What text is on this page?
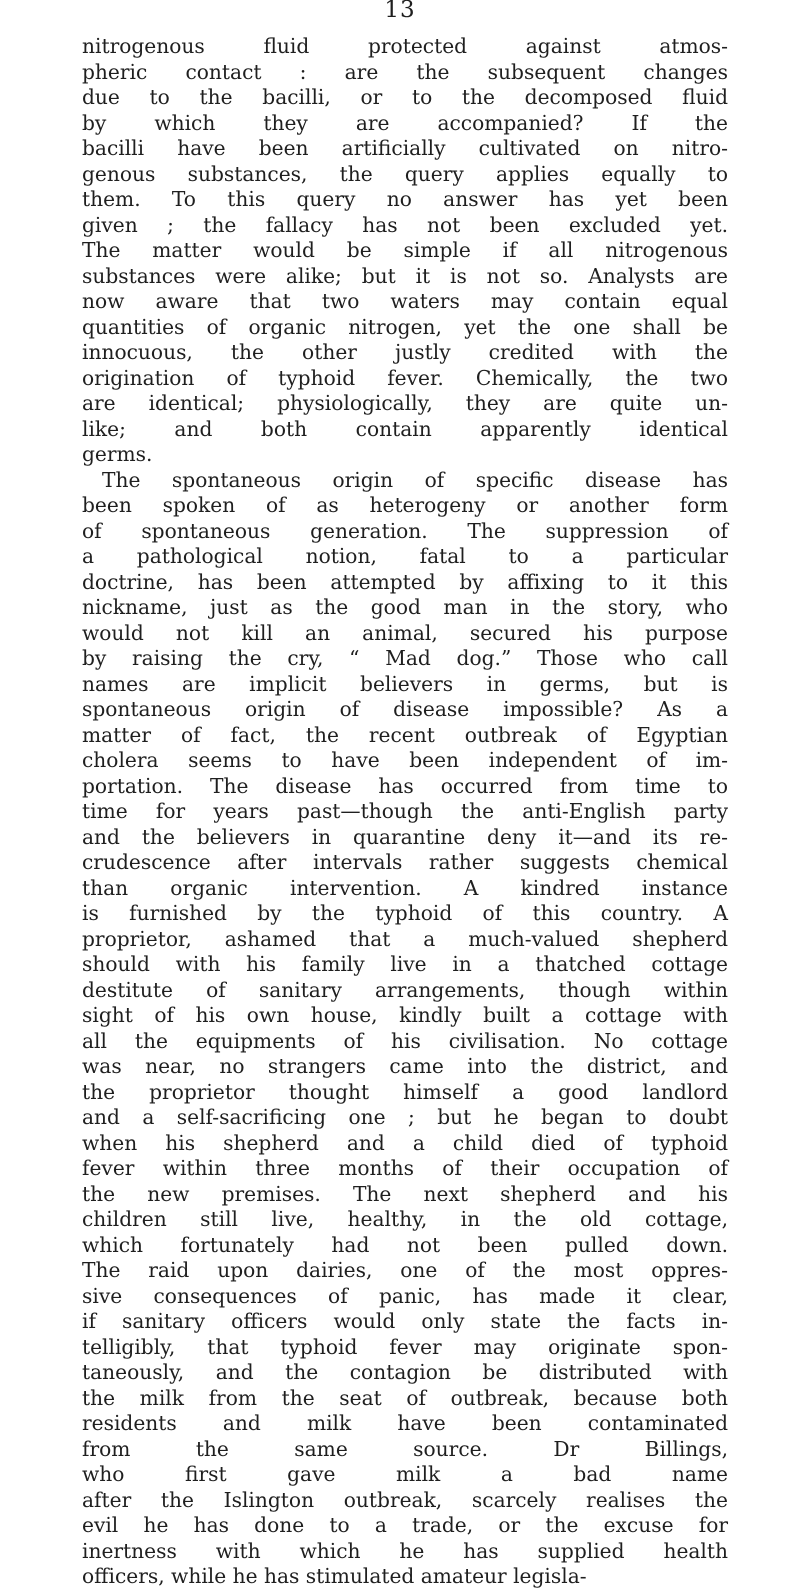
13
nitrogenous fluid protected against atmos-
pheric contact : are the subsequent changes
due to the bacilli, or to the decomposed fluid
by which they are accompanied? If the
bacilli have been artificially cultivated on nitro-
genous substances, the query applies equally to
them. To this query no answer has yet been
given ; the fallacy has not been excluded yet.
The matter would be simple if all nitrogenous
substances were alike; but it is not so. Analysts are
now aware that two waters may contain equal
quantities of organic nitrogen, yet the one shall be
innocuous, the other justly credited with the
origination of typhoid fever. Chemically, the two
are identical; physiologically, they are quite un-
like; and both contain apparently identical
germs.
The spontaneous origin of specific disease has
been spoken of as heterogeny or another form
of spontaneous generation. The suppression of
a pathological notion, fatal to a particular
doctrine, has been attempted by affixing to it this
nickname, just as the good man in the story, who
would not kill an animal, secured his purpose
by raising the cry, “ Mad dog.” Those who call
names are implicit believers in germs, but is
spontaneous origin of disease impossible? As a
matter of fact, the recent outbreak of Egyptian
cholera seems to have been independent of im-
portation. The disease has occurred from time to
time for years past—though the anti-English party
and the believers in quarantine deny it—and its re-
crudescence after intervals rather suggests chemical
than organic intervention. A kindred instance
is furnished by the typhoid of this country. A
proprietor, ashamed that a much-valued shepherd
should with his family live in a thatched cottage
destitute of sanitary arrangements, though within
sight of his own house, kindly built a cottage with
all the equipments of his civilisation. No cottage
was near, no strangers came into the district, and
the proprietor thought himself a good landlord
and a self-sacrificing one ; but he began to doubt
when his shepherd and a child died of typhoid
fever within three months of their occupation of
the new premises. The next shepherd and his
children still live, healthy, in the old cottage,
which fortunately had not been pulled down.
The raid upon dairies, one of the most oppres-
sive consequences of panic, has made it clear,
if sanitary officers would only state the facts in-
telligibly, that typhoid fever may originate spon-
taneously, and the contagion be distributed with
the milk from the seat of outbreak, because both
residents and milk have been contaminated
from the same source. Dr Billings,
who first gave milk a bad name
after the Islington outbreak, scarcely realises the
evil he has done to a trade, or the excuse for
inertness with which he has supplied health
officers, while he has stimulated amateur legisla-
